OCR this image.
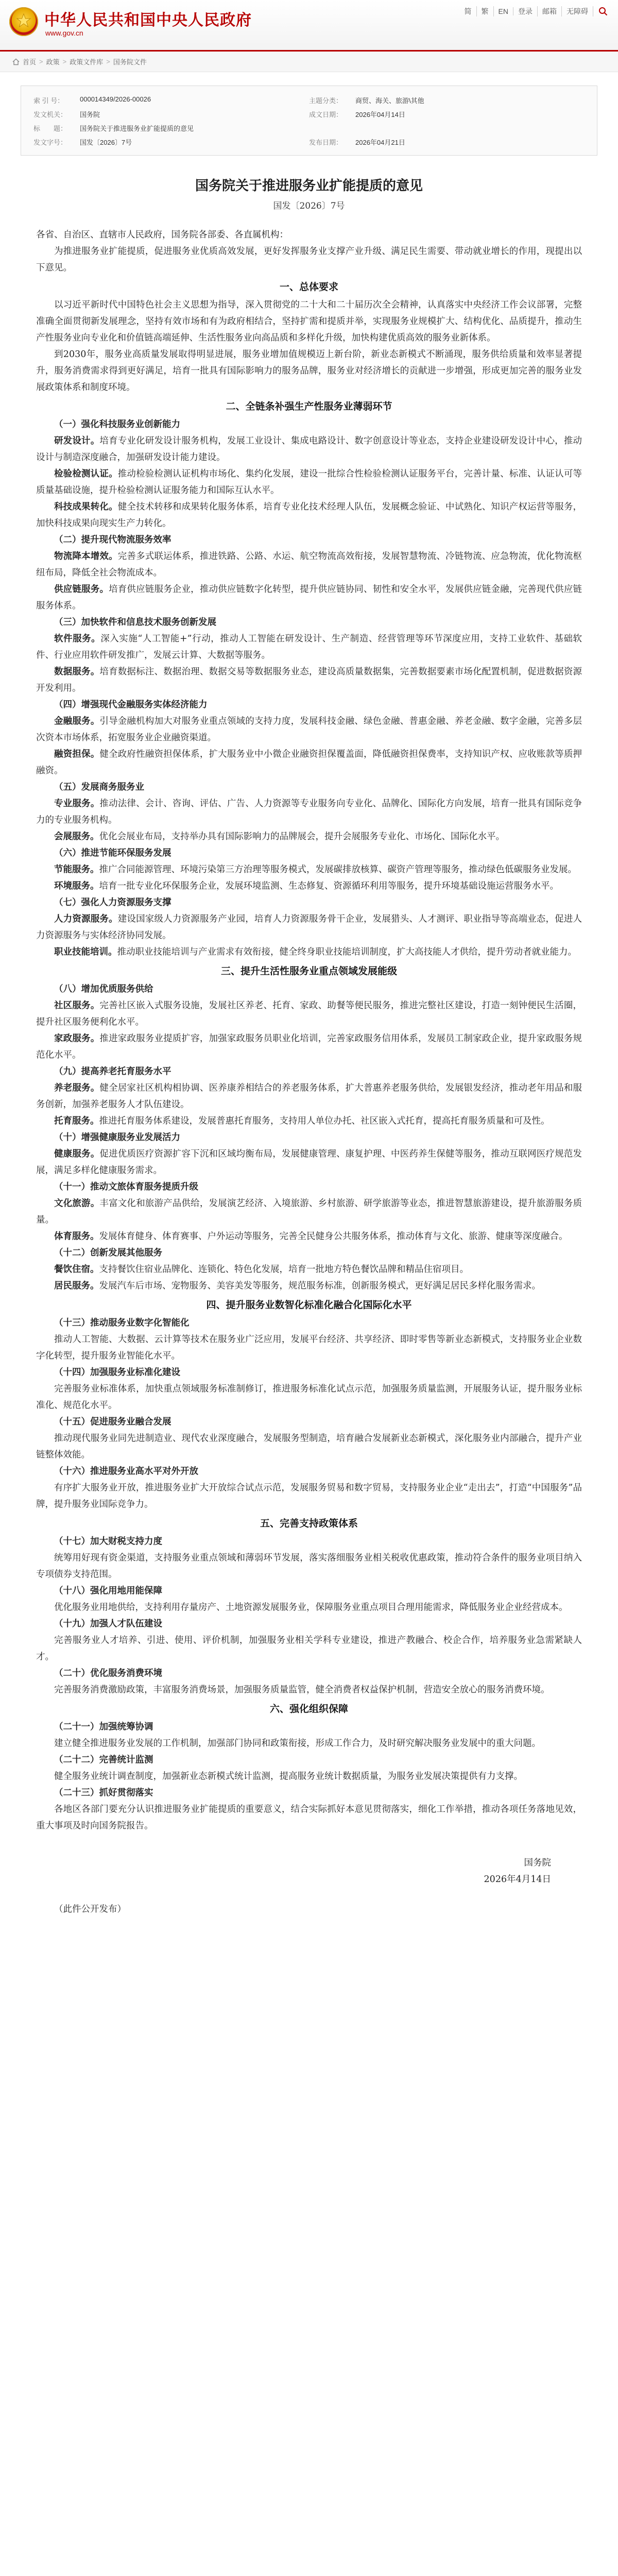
中华人民共和国中央人民政府
www.gov.cn
简	繁	EN	登录	邮箱	无障碍
首页 > 政策 > 政策文件库 > 国务院文件
索 引 号：	000014349/2026-00026	主题分类：	商贸、海关、旅游\其他
发文机关：	国务院	成文日期：	2026年04月14日
标　　题：	国务院关于推进服务业扩能提质的意见
发文字号：	国发〔2026〕7号	发布日期：	2026年04月21日
国务院关于推进服务业扩能提质的意见
国发〔2026〕7号
各省、自治区、直辖市人民政府，国务院各部委、各直属机构：
为推进服务业扩能提质，促进服务业优质高效发展，更好发挥服务业支撑产业升级、满足民生需要、带动就业增长的作用，现提出以下意见。
一、总体要求
以习近平新时代中国特色社会主义思想为指导，深入贯彻党的二十大和二十届历次全会精神，认真落实中央经济工作会议部署，完整准确全面贯彻新发展理念，坚持有效市场和有为政府相结合，坚持扩需和提质并举，实现服务业规模扩大、结构优化、品质提升，推动生产性服务业向专业化和价值链高端延伸、生活性服务业向高品质和多样化升级，加快构建优质高效的服务业新体系。
到2030年，服务业高质量发展取得明显进展，服务业增加值规模迈上新台阶，新业态新模式不断涌现，服务供给质量和效率显著提升，服务消费需求得到更好满足，培育一批具有国际影响力的服务品牌，服务业对经济增长的贡献进一步增强，形成更加完善的服务业发展政策体系和制度环境。
二、全链条补强生产性服务业薄弱环节
（一）强化科技服务业创新能力
研发设计。培育专业化研发设计服务机构，发展工业设计、集成电路设计、数字创意设计等业态，支持企业建设研发设计中心，推动设计与制造深度融合，加强研发设计能力建设。
检验检测认证。推动检验检测认证机构市场化、集约化发展，建设一批综合性检验检测认证服务平台，完善计量、标准、认证认可等质量基础设施，提升检验检测认证服务能力和国际互认水平。
科技成果转化。健全技术转移和成果转化服务体系，培育专业化技术经理人队伍，发展概念验证、中试熟化、知识产权运营等服务，加快科技成果向现实生产力转化。
（二）提升现代物流服务效率
物流降本增效。完善多式联运体系，推进铁路、公路、水运、航空物流高效衔接，发展智慧物流、冷链物流、应急物流，优化物流枢纽布局，降低全社会物流成本。
供应链服务。培育供应链服务企业，推动供应链数字化转型，提升供应链协同、韧性和安全水平，发展供应链金融，完善现代供应链服务体系。
（三）加快软件和信息技术服务创新发展
软件服务。深入实施“人工智能+”行动，推动人工智能在研发设计、生产制造、经营管理等环节深度应用，支持工业软件、基础软件、行业应用软件研发推广，发展云计算、大数据等服务。
数据服务。培育数据标注、数据治理、数据交易等数据服务业态，建设高质量数据集，完善数据要素市场化配置机制，促进数据资源开发利用。
（四）增强现代金融服务实体经济能力
金融服务。引导金融机构加大对服务业重点领域的支持力度，发展科技金融、绿色金融、普惠金融、养老金融、数字金融，完善多层次资本市场体系，拓宽服务业企业融资渠道。
融资担保。健全政府性融资担保体系，扩大服务业中小微企业融资担保覆盖面，降低融资担保费率，支持知识产权、应收账款等质押融资。
（五）发展商务服务业
专业服务。推动法律、会计、咨询、评估、广告、人力资源等专业服务向专业化、品牌化、国际化方向发展，培育一批具有国际竞争力的专业服务机构。
会展服务。优化会展业布局，支持举办具有国际影响力的品牌展会，提升会展服务专业化、市场化、国际化水平。
（六）推进节能环保服务发展
节能服务。推广合同能源管理、环境污染第三方治理等服务模式，发展碳排放核算、碳资产管理等服务，推动绿色低碳服务业发展。
环境服务。培育一批专业化环保服务企业，发展环境监测、生态修复、资源循环利用等服务，提升环境基础设施运营服务水平。
（七）强化人力资源服务支撑
人力资源服务。建设国家级人力资源服务产业园，培育人力资源服务骨干企业，发展猎头、人才测评、职业指导等高端业态，促进人力资源服务与实体经济协同发展。
职业技能培训。推动职业技能培训与产业需求有效衔接，健全终身职业技能培训制度，扩大高技能人才供给，提升劳动者就业能力。
三、提升生活性服务业重点领域发展能级
（八）增加优质服务供给
社区服务。完善社区嵌入式服务设施，发展社区养老、托育、家政、助餐等便民服务，推进完整社区建设，打造一刻钟便民生活圈，提升社区服务便利化水平。
家政服务。推进家政服务业提质扩容，加强家政服务员职业化培训，完善家政服务信用体系，发展员工制家政企业，提升家政服务规范化水平。
（九）提高养老托育服务水平
养老服务。健全居家社区机构相协调、医养康养相结合的养老服务体系，扩大普惠养老服务供给，发展银发经济，推动老年用品和服务创新，加强养老服务人才队伍建设。
托育服务。推进托育服务体系建设，发展普惠托育服务，支持用人单位办托、社区嵌入式托育，提高托育服务质量和可及性。
（十）增强健康服务业发展活力
健康服务。促进优质医疗资源扩容下沉和区域均衡布局，发展健康管理、康复护理、中医药养生保健等服务，推动互联网医疗规范发展，满足多样化健康服务需求。
（十一）推动文旅体育服务提质升级
文化旅游。丰富文化和旅游产品供给，发展演艺经济、入境旅游、乡村旅游、研学旅游等业态，推进智慧旅游建设，提升旅游服务质量。
体育服务。发展体育健身、体育赛事、户外运动等服务，完善全民健身公共服务体系，推动体育与文化、旅游、健康等深度融合。
（十二）创新发展其他服务
餐饮住宿。支持餐饮住宿业品牌化、连锁化、特色化发展，培育一批地方特色餐饮品牌和精品住宿项目。
居民服务。发展汽车后市场、宠物服务、美容美发等服务，规范服务标准，创新服务模式，更好满足居民多样化服务需求。
四、提升服务业数智化标准化融合化国际化水平
（十三）推动服务业数字化智能化
推动人工智能、大数据、云计算等技术在服务业广泛应用，发展平台经济、共享经济、即时零售等新业态新模式，支持服务业企业数字化转型，提升服务业智能化水平。
（十四）加强服务业标准化建设
完善服务业标准体系，加快重点领域服务标准制修订，推进服务标准化试点示范，加强服务质量监测，开展服务认证，提升服务业标准化、规范化水平。
（十五）促进服务业融合发展
推动现代服务业同先进制造业、现代农业深度融合，发展服务型制造，培育融合发展新业态新模式，深化服务业内部融合，提升产业链整体效能。
（十六）推进服务业高水平对外开放
有序扩大服务业开放，推进服务业扩大开放综合试点示范，发展服务贸易和数字贸易，支持服务业企业“走出去”，打造“中国服务”品牌，提升服务业国际竞争力。
五、完善支持政策体系
（十七）加大财税支持力度
统筹用好现有资金渠道，支持服务业重点领域和薄弱环节发展，落实落细服务业相关税收优惠政策，推动符合条件的服务业项目纳入专项债券支持范围。
（十八）强化用地用能保障
优化服务业用地供给，支持利用存量房产、土地资源发展服务业，保障服务业重点项目合理用能需求，降低服务业企业经营成本。
（十九）加强人才队伍建设
完善服务业人才培养、引进、使用、评价机制，加强服务业相关学科专业建设，推进产教融合、校企合作，培养服务业急需紧缺人才。
（二十）优化服务消费环境
完善服务消费激励政策，丰富服务消费场景，加强服务质量监管，健全消费者权益保护机制，营造安全放心的服务消费环境。
六、强化组织保障
（二十一）加强统筹协调
建立健全推进服务业发展的工作机制，加强部门协同和政策衔接，形成工作合力，及时研究解决服务业发展中的重大问题。
（二十二）完善统计监测
健全服务业统计调查制度，加强新业态新模式统计监测，提高服务业统计数据质量，为服务业发展决策提供有力支撑。
（二十三）抓好贯彻落实
各地区各部门要充分认识推进服务业扩能提质的重要意义，结合实际抓好本意见贯彻落实，细化工作举措，推动各项任务落地见效，重大事项及时向国务院报告。
国务院
2026年4月14日
（此件公开发布）
